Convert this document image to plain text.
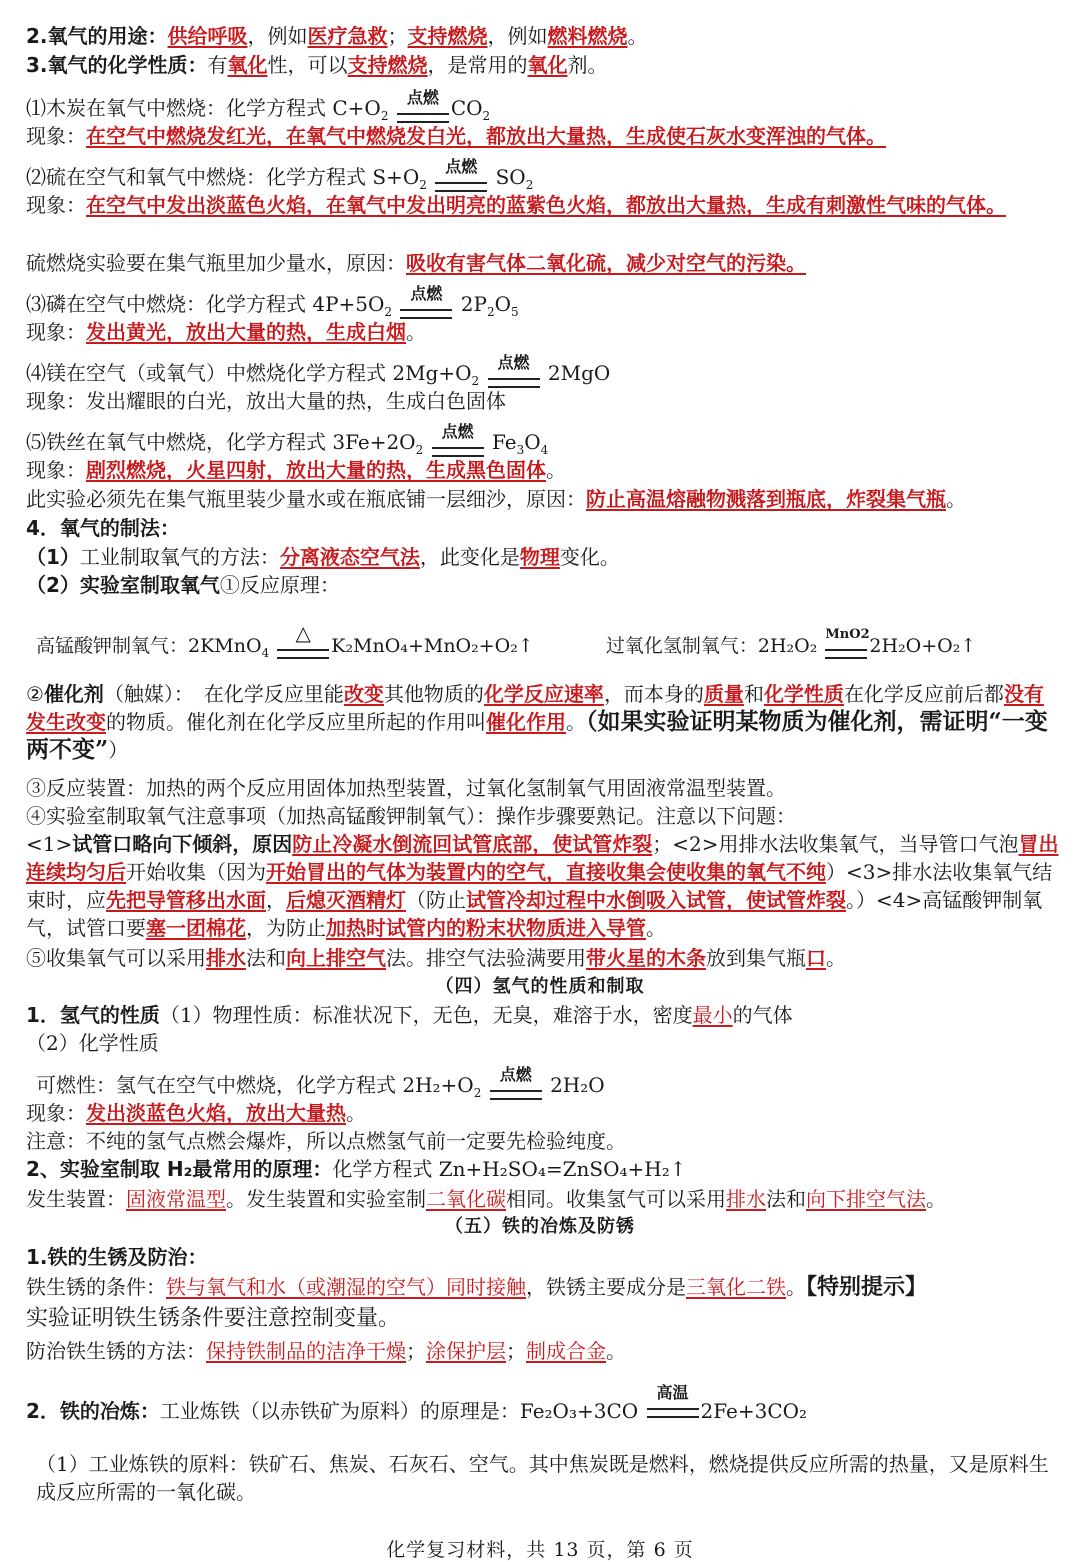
2.氧气的用途：供给呼吸，例如医疗急救；支持燃烧，例如燃料燃烧。
3.氧气的化学性质：有氧化性，可以支持燃烧，是常用的氧化剂。
⑴木炭在氧气中燃烧：化学方程式 $C+O_2$
点燃 $CO_2$
现象：在空气中燃烧发红光，在氧气中燃烧发白光，都放出大量热，生成使石灰水变浑浊的气体。
⑵硫在空气和氧气中燃烧：化学方程式 $S+O_2$
点燃 $SO_2$
现象：在空气中发出淡蓝色火焰，在氧气中发出明亮的蓝紫色火焰，都放出大量热，生成有刺激性气味的气体。
硫燃烧实验要在集气瓶里加少量水，原因：吸收有害气体二氧化硫，减少对空气的污染。
⑶磷在空气中燃烧：化学方程式 $4P+5O_2$
点燃 $2P_2O_5$
现象：发出黄光，放出大量的热，生成白烟。
⑷镁在空气（或氧气）中燃烧化学方程式 $2Mg+O_2$
点燃 2MgO
现象：发出耀眼的白光，放出大量的热，生成白色固体
⑸铁丝在氧气中燃烧，化学方程式 $3Fe+2O_2$
点燃 $Fe_3O_4$
现象：剧烈燃烧，火星四射，放出大量的热，生成黑色固体。
此实验必须先在集气瓶里装少量水或在瓶底铺一层细沙，原因：防止高温熔融物溅落到瓶底，炸裂集气瓶。
4．氧气的制法：
（1）工业制取氧气的方法：分离液态空气法，此变化是物理变化。
（2）实验室制取氧气①反应原理：
高锰酸钾制氧气：2KMnO$_4$
△
K₂MnO₄+MnO₂+O₂↑	过氧化氢制氧气：2H₂O₂
MnO2
2H₂O+O₂↑
②催化剂（触媒）：　在化学反应里能改变其他物质的化学反应速率，而本身的质量和化学性质在化学反应前后都没有发生改变的物质。催化剂在化学反应里所起的作用叫催化作用。（如果实验证明某物质为催化剂，需证明“一变两不变”）
③反应装置：加热的两个反应用固体加热型装置，过氧化氢制氧气用固液常温型装置。
④实验室制取氧气注意事项（加热高锰酸钾制氧气）：操作步骤要熟记。注意以下问题：
<1>试管口略向下倾斜，原因防止冷凝水倒流回试管底部，使试管炸裂；<2>用排水法收集氧气，当导管口气泡冒出连续均匀后开始收集（因为开始冒出的气体为装置内的空气，直接收集会使收集的氧气不纯）<3>排水法收集氧气结束时，应先把导管移出水面，后熄灭酒精灯（防止试管冷却过程中水倒吸入试管，使试管炸裂。）<4>高锰酸钾制氧气，试管口要塞一团棉花，为防止加热时试管内的粉末状物质进入导管。
⑤收集氧气可以采用排水法和向上排空气法。排空气法验满要用带火星的木条放到集气瓶口。
（四）氢气的性质和制取
1．氢气的性质（1）物理性质：标准状况下，无色，无臭，难溶于水，密度最小的气体
（2）化学性质
可燃性：氢气在空气中燃烧，化学方程式 $2H_2+O_2$
点燃 2H₂O
现象：发出淡蓝色火焰，放出大量热。
注意：不纯的氢气点燃会爆炸，所以点燃氢气前一定要先检验纯度。
2、实验室制取 H₂最常用的原理：化学方程式 Zn+H₂SO₄=ZnSO₄+H₂↑
发生装置：固液常温型。发生装置和实验室制二氧化碳相同。收集氢气可以采用排水法和向下排空气法。
（五）铁的冶炼及防锈
1.铁的生锈及防治：
铁生锈的条件：铁与氧气和水（或潮湿的空气）同时接触，铁锈主要成分是三氧化二铁。【特别提示】
实验证明铁生锈条件要注意控制变量。
防治铁生锈的方法：保持铁制品的洁净干燥；涂保护层；制成合金。
2．铁的冶炼：工业炼铁（以赤铁矿为原料）的原理是：Fe₂O₃+3CO
高温
2Fe+3CO₂
（1）工业炼铁的原料：铁矿石、焦炭、石灰石、空气。其中焦炭既是燃料，燃烧提供反应所需的热量，又是原料生成反应所需的一氧化碳。
化学复习材料，共 13 页，第 6 页
